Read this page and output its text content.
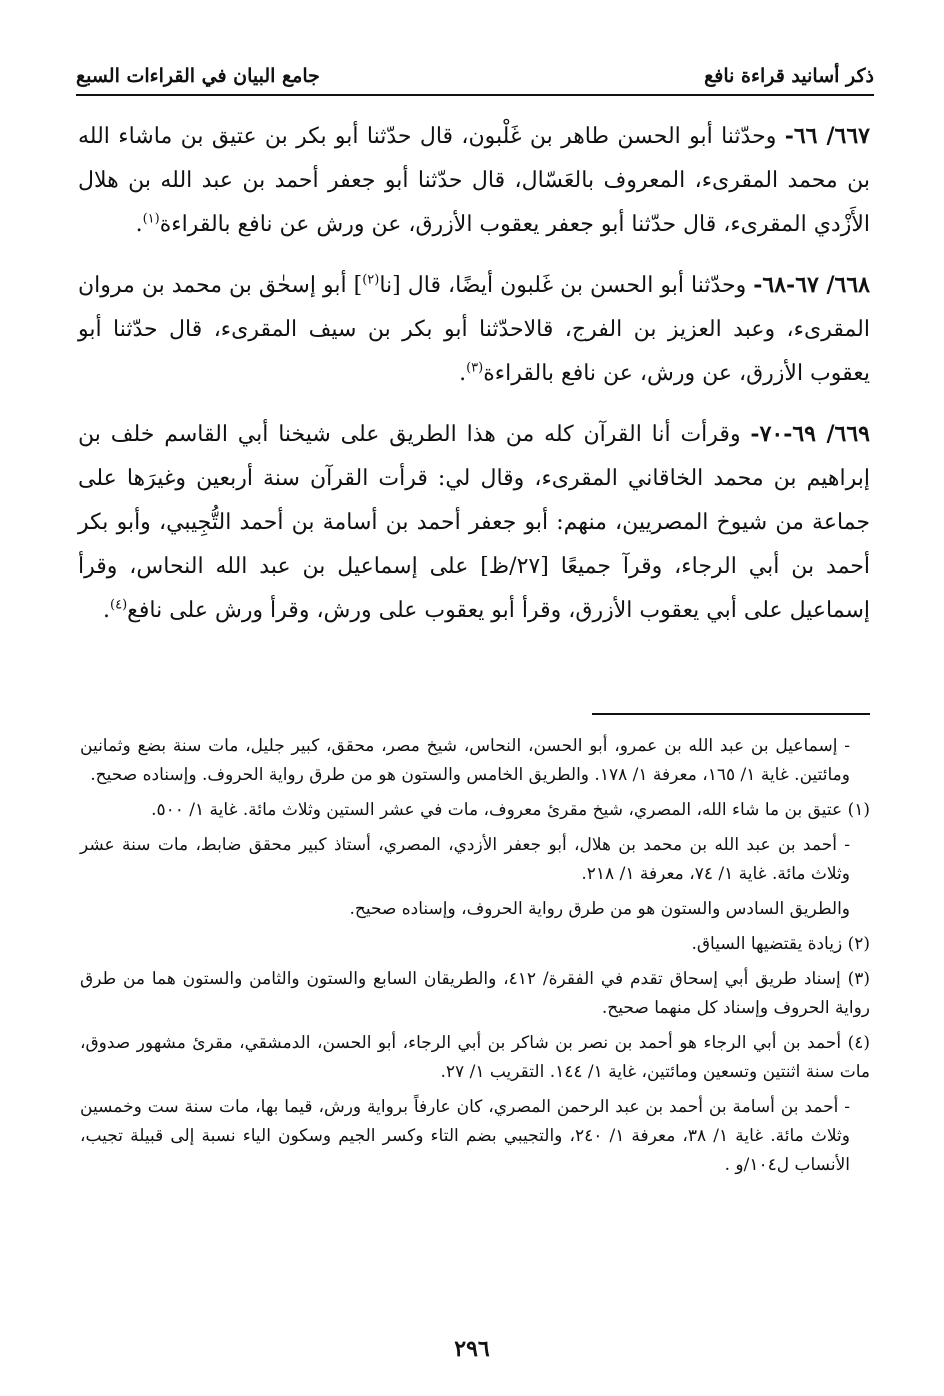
ذكر أسانيد قراءة نافع
جامع البيان في القراءات السبع

٦٦٧/ ٦٦- وحدّثنا أبو الحسن طاهر بن غَلْبون، قال حدّثنا أبو بكر بن عتيق بن ماشاء الله بن محمد المقرىء، المعروف بالعَسّال، قال حدّثنا أبو جعفر أحمد بن عبد الله بن هلال الأَزْدي المقرىء، قال حدّثنا أبو جعفر يعقوب الأزرق، عن ورش عن نافع بالقراءة$^{(١)}$.

٦٦٨/ ٦٧-٦٨- وحدّثنا أبو الحسن بن غَلبون أيضًا، قال [نا$^{(٢)}$] أبو إسحٰق بن محمد بن مروان المقرىء، وعبد العزيز بن الفرج، قالاحدّثنا أبو بكر بن سيف المقرىء، قال حدّثنا أبو يعقوب الأزرق، عن ورش، عن نافع بالقراءة$^{(٣)}$.

٦٦٩/ ٦٩-٧٠- وقرأت أنا القرآن كله من هذا الطريق على شيخنا أبي القاسم خلف بن إبراهيم بن محمد الخاقاني المقرىء، وقال لي: قرأت القرآن سنة أربعين وغيرَها على جماعة من شيوخ المصريين، منهم: أبو جعفر أحمد بن أسامة بن أحمد التُّجِيبي، وأبو بكر أحمد بن أبي الرجاء، وقرآ جميعًا [٢٧/ظ] على إسماعيل بن عبد الله النحاس، وقرأ إسماعيل على أبي يعقوب الأزرق، وقرأ أبو يعقوب على ورش، وقرأ ورش على نافع$^{(٤)}$.

- إسماعيل بن عبد الله بن عمرو، أبو الحسن، النحاس، شيخ مصر، محقق، كبير جليل، مات سنة بضع وثمانين ومائتين. غاية ١/ ١٦٥، معرفة ١/ ١٧٨. والطريق الخامس والستون هو من طرق رواية الحروف. وإسناده صحيح.

(١) عتيق بن ما شاء الله، المصري، شيخ مقرئ معروف، مات في عشر الستين وثلاث مائة. غاية ١/ ٥٠٠.

- أحمد بن عبد الله بن محمد بن هلال، أبو جعفر الأزدي، المصري، أستاذ كبير محقق ضابط، مات سنة عشر وثلاث مائة. غاية ١/ ٧٤، معرفة ١/ ٢١٨.

والطريق السادس والستون هو من طرق رواية الحروف، وإسناده صحيح.

(٢) زيادة يقتضيها السياق.

(٣) إسناد طريق أبي إسحاق تقدم في الفقرة/ ٤١٢، والطريقان السابع والستون والثامن والستون هما من طرق رواية الحروف وإسناد كل منهما صحيح.

(٤) أحمد بن أبي الرجاء هو أحمد بن نصر بن شاكر بن أبي الرجاء، أبو الحسن، الدمشقي، مقرئ مشهور صدوق، مات سنة اثنتين وتسعين ومائتين، غاية ١/ ١٤٤. التقريب ١/ ٢٧.

- أحمد بن أسامة بن أحمد بن عبد الرحمن المصري، كان عارفاً برواية ورش، قيما بها، مات سنة ست وخمسين وثلاث مائة. غاية ١/ ٣٨، معرفة ١/ ٢٤٠، والتجيبي بضم التاء وكسر الجيم وسكون الياء نسبة إلى قبيلة تجيب، الأنساب ل١٠٤/و .

٢٩٦
